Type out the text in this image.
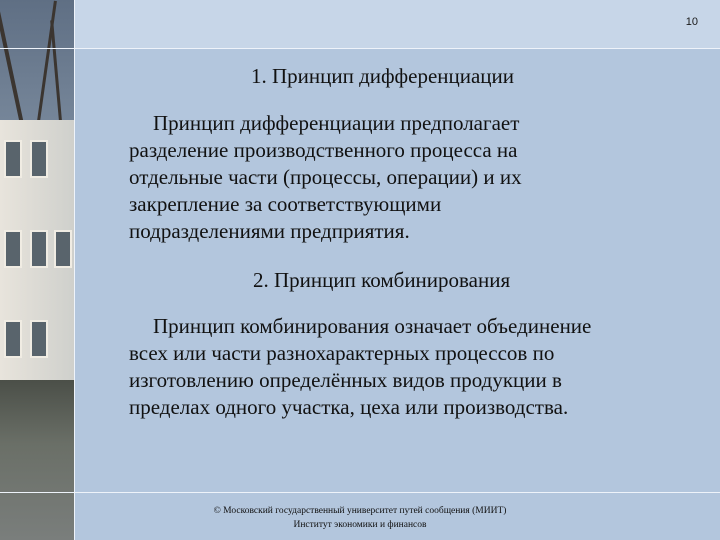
10
1. Принцип дифференциации

Принцип дифференциации предполагает
разделение производственного процесса на
отдельные части (процессы, операции) и их
закрепление за соответствующими
подразделениями предприятия.

2. Принцип комбинирования

Принцип комбинирования означает объединение
всех или части разнохарактерных процессов по
изготовлению определённых видов продукции в
пределах одного участка, цеха или производства.

© Московский государственный университет путей сообщения (МИИТ)
Институт экономики и финансов
